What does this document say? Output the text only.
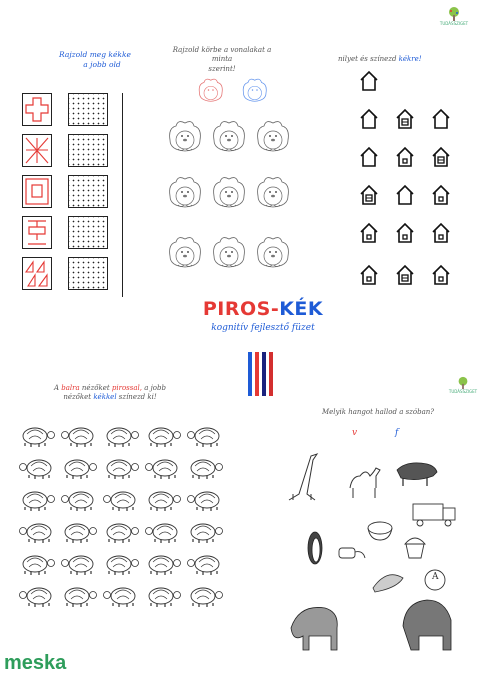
Rajzold meg kékke
a jobb old
Rajzold körbe a vonalakat a minta
szerint!
TUDÁSSZIGET
nilyet és színezd kékre!
PIROS-KÉK
kognitív fejlesztő füzet
A balra nézőket pirossal, a jobb
nézőket kékkel színezd ki!
TUDÁSSZIGET
Melyik hangot hallod a szóban?
v	f
A
meska
